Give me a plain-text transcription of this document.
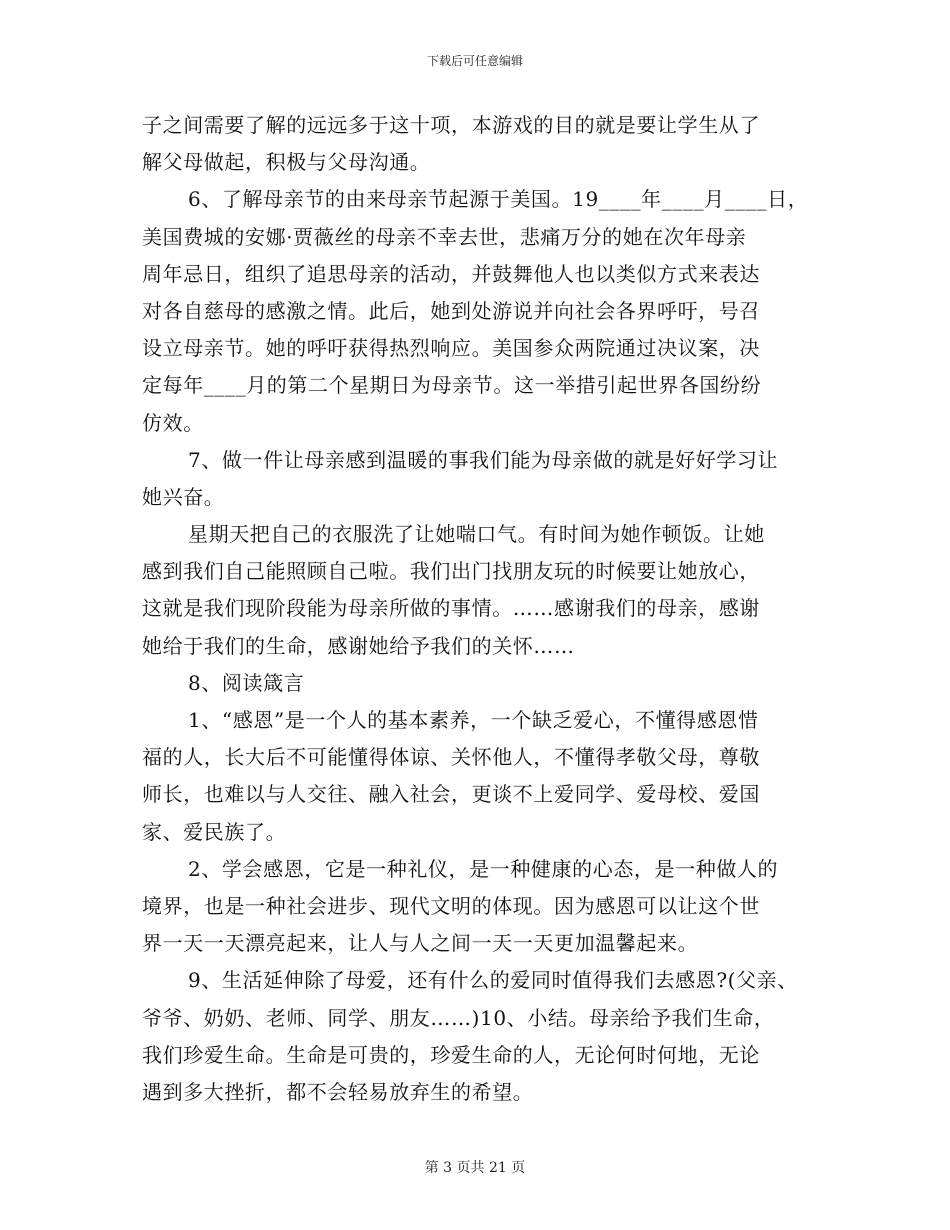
下载后可任意编辑
子之间需要了解的远远多于这十项，本游戏的目的就是要让学生从了
解父母做起，积极与父母沟通。
6、了解母亲节的由来母亲节起源于美国。19____年____月____日，
美国费城的安娜·贾薇丝的母亲不幸去世，悲痛万分的她在次年母亲
周年忌日，组织了追思母亲的活动，并鼓舞他人也以类似方式来表达
对各自慈母的感激之情。此后，她到处游说并向社会各界呼吁，号召
设立母亲节。她的呼吁获得热烈响应。美国参众两院通过决议案，决
定每年____月的第二个星期日为母亲节。这一举措引起世界各国纷纷
仿效。
7、做一件让母亲感到温暖的事我们能为母亲做的就是好好学习让
她兴奋。
星期天把自己的衣服洗了让她喘口气。有时间为她作顿饭。让她
感到我们自己能照顾自己啦。我们出门找朋友玩的时候要让她放心，
这就是我们现阶段能为母亲所做的事情。……感谢我们的母亲，感谢
她给于我们的生命，感谢她给予我们的关怀……
8、阅读箴言
1、“感恩”是一个人的基本素养，一个缺乏爱心，不懂得感恩惜
福的人，长大后不可能懂得体谅、关怀他人，不懂得孝敬父母，尊敬
师长，也难以与人交往、融入社会，更谈不上爱同学、爱母校、爱国
家、爱民族了。
2、学会感恩，它是一种礼仪，是一种健康的心态，是一种做人的
境界，也是一种社会进步、现代文明的体现。因为感恩可以让这个世
界一天一天漂亮起来，让人与人之间一天一天更加温馨起来。
9、生活延伸除了母爱，还有什么的爱同时值得我们去感恩?(父亲、
爷爷、奶奶、老师、同学、朋友……)10、小结。母亲给予我们生命，
我们珍爱生命。生命是可贵的，珍爱生命的人，无论何时何地，无论
遇到多大挫折，都不会轻易放弃生的希望。
第 3 页共 21 页
